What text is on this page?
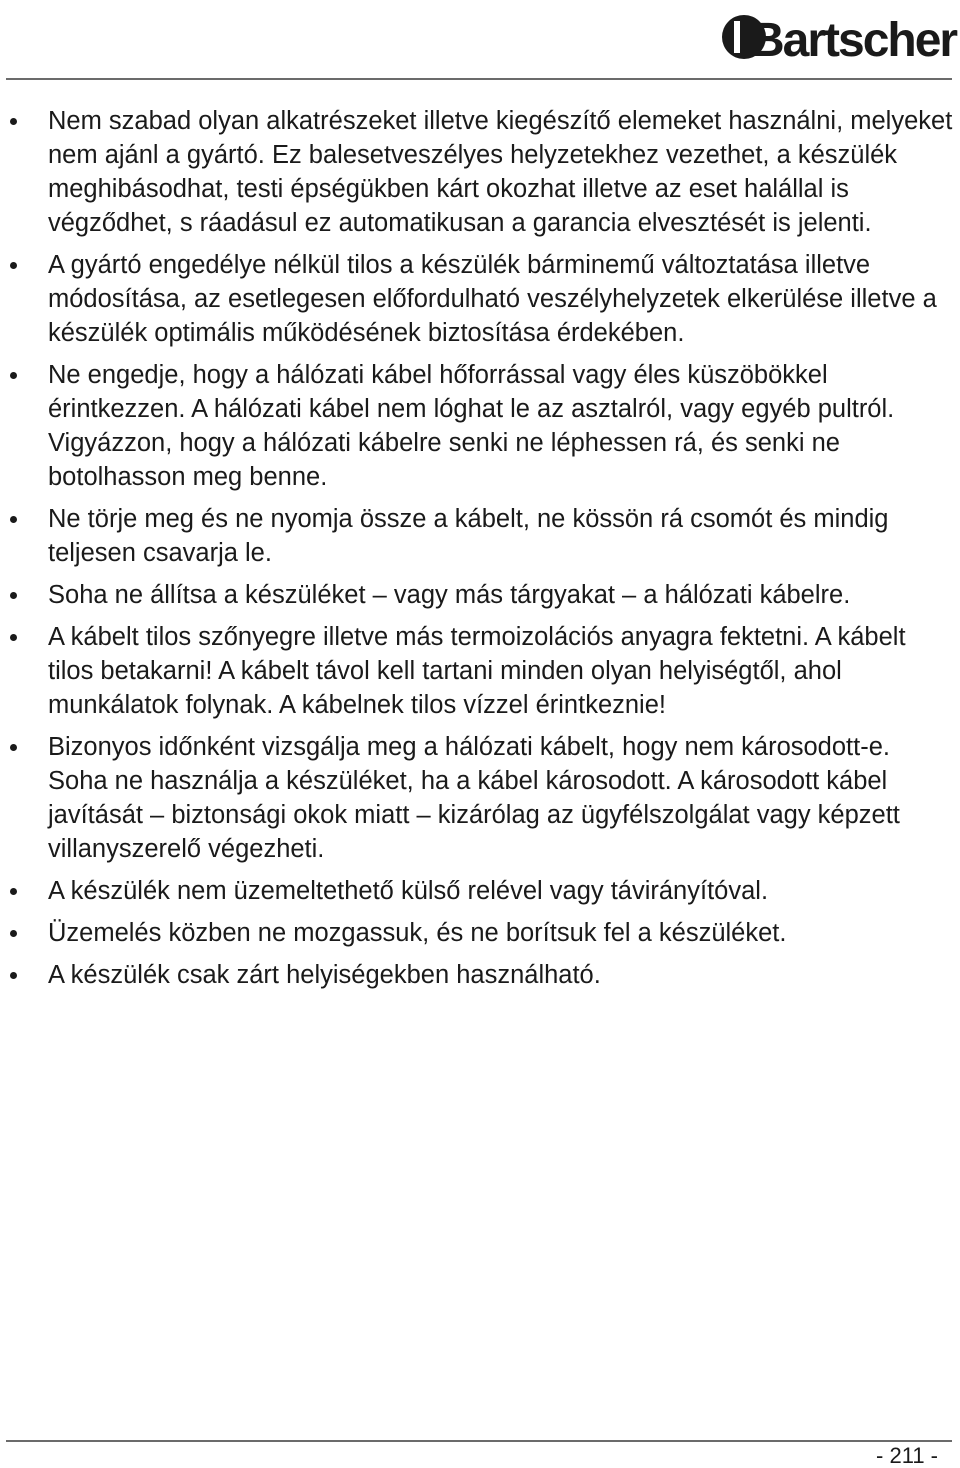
Bartscher
Nem szabad olyan alkatrészeket illetve kiegészítő elemeket használni, melyeket nem ajánl a gyártó. Ez balesetveszélyes helyzetekhez vezethet, a készülék meghibásodhat, testi épségükben kárt okozhat illetve az eset halállal is végződhet, s ráadásul ez automatikusan a garancia elvesztését is jelenti.
A gyártó engedélye nélkül tilos a készülék bárminemű változtatása illetve módosítása, az esetlegesen előfordulható veszélyhelyzetek elkerülése illetve a készülék optimális működésének biztosítása érdekében.
Ne engedje, hogy a hálózati kábel hőforrással vagy éles küszöbökkel érintkezzen. A hálózati kábel nem lóghat le az asztalról, vagy egyéb pultról. Vigyázzon, hogy a hálózati kábelre senki ne léphessen rá, és senki ne botolhasson meg benne.
Ne törje meg és ne nyomja össze a kábelt, ne kössön rá csomót és mindig teljesen csavarja le.
Soha ne állítsa a készüléket – vagy más tárgyakat – a hálózati kábelre.
A kábelt tilos szőnyegre illetve más termoizolációs anyagra fektetni. A kábelt tilos betakarni! A kábelt távol kell tartani minden olyan helyiségtől, ahol munkálatok folynak. A kábelnek tilos vízzel érintkeznie!
Bizonyos időnként vizsgálja meg a hálózati kábelt, hogy nem károsodott-e. Soha ne használja a készüléket, ha a kábel károsodott. A károsodott kábel javítását – biztonsági okok miatt – kizárólag az ügyfélszolgálat vagy képzett villanyszerelő végezheti.
A készülék nem üzemeltethető külső relével vagy távirányítóval.
Üzemelés közben ne mozgassuk, és ne borítsuk fel a készüléket.
A készülék csak zárt helyiségekben használható.
- 211 -
